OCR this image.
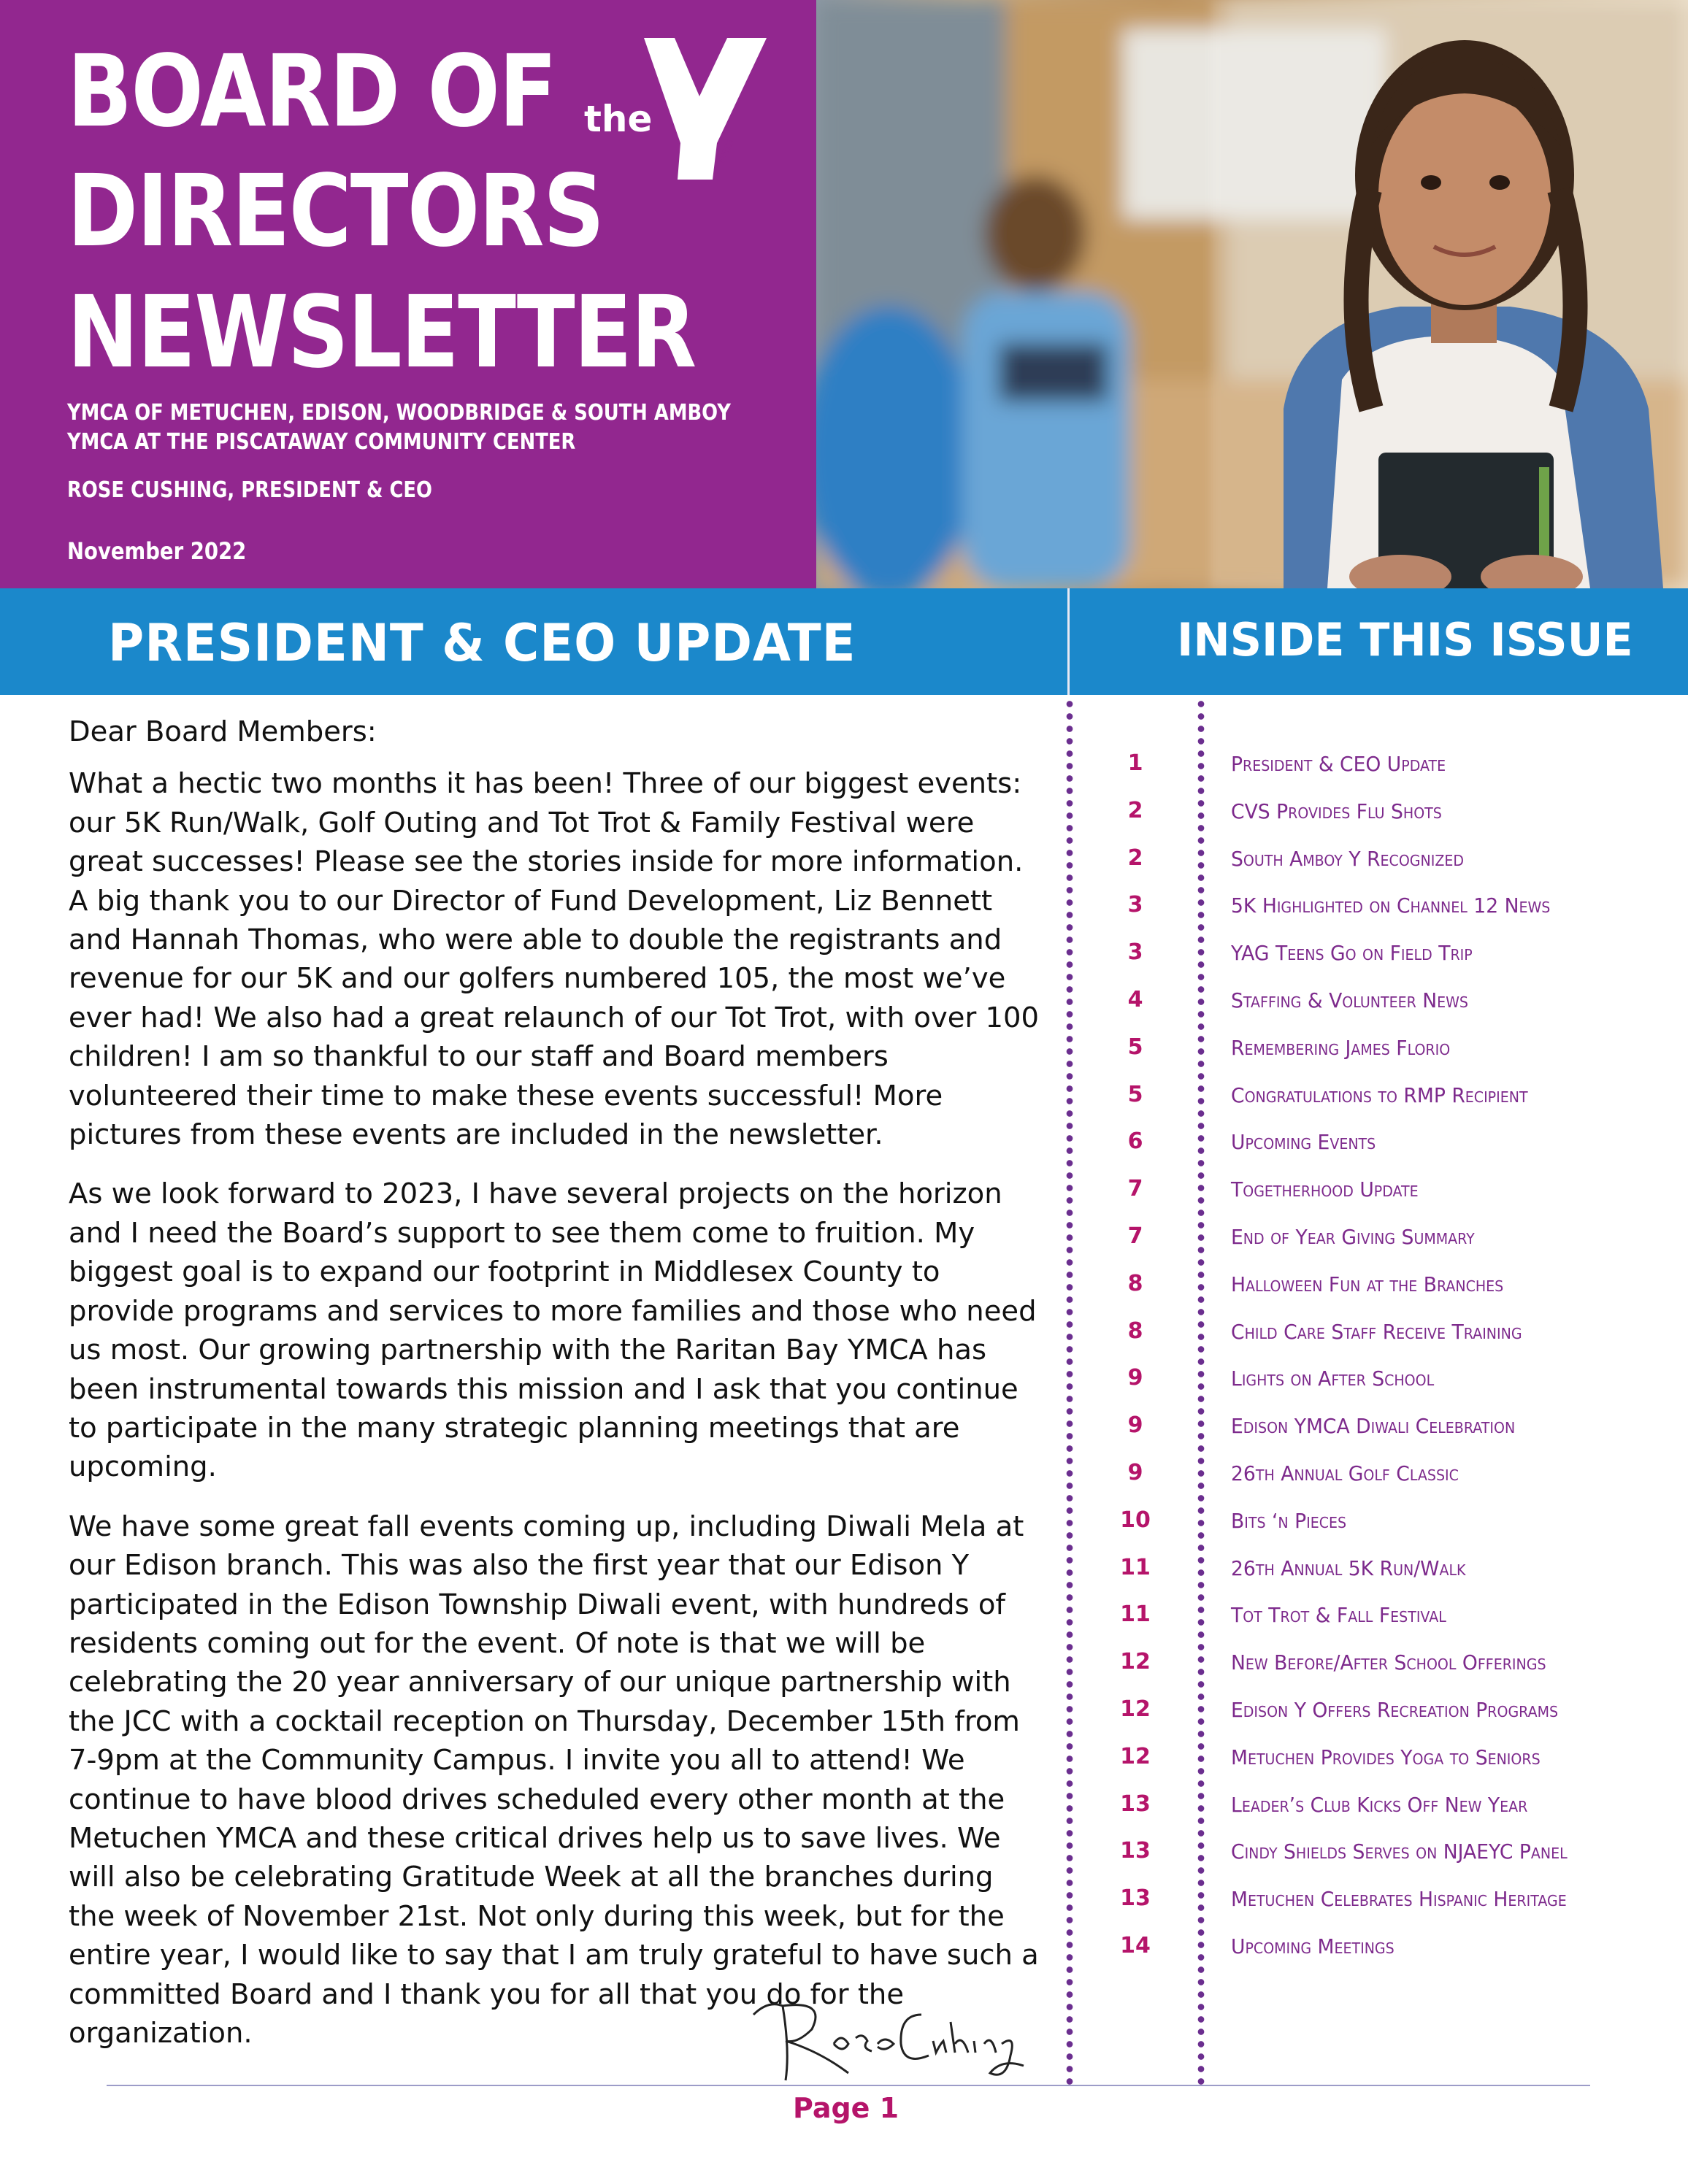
BOARD OF
DIRECTORS
NEWSLETTER
the
YMCA
YMCA OF METUCHEN, EDISON, WOODBRIDGE & SOUTH AMBOY
YMCA AT THE PISCATAWAY COMMUNITY CENTER
ROSE CUSHING, PRESIDENT & CEO
November 2022
PRESIDENT & CEO UPDATE	INSIDE THIS ISSUE

Dear Board Members:

What a hectic two months it has been! Three of our biggest events: our 5K Run/Walk, Golf Outing and Tot Trot & Family Festival were great successes! Please see the stories inside for more information. A big thank you to our Director of Fund Development, Liz Bennett and Hannah Thomas, who were able to double the registrants and revenue for our 5K and our golfers numbered 105, the most we’ve ever had! We also had a great relaunch of our Tot Trot, with over 100 children! I am so thankful to our staff and Board members volunteered their time to make these events successful! More pictures from these events are included in the newsletter.

As we look forward to 2023, I have several projects on the horizon and I need the Board’s support to see them come to fruition. My biggest goal is to expand our footprint in Middlesex County to provide programs and services to more families and those who need us most. Our growing partnership with the Raritan Bay YMCA has been instrumental towards this mission and I ask that you continue to participate in the many strategic planning meetings that are upcoming.

We have some great fall events coming up, including Diwali Mela at our Edison branch. This was also the first year that our Edison Y participated in the Edison Township Diwali event, with hundreds of residents coming out for the event. Of note is that we will be celebrating the 20 year anniversary of our unique partnership with the JCC with a cocktail reception on Thursday, December 15th from 7-9pm at the Community Campus. I invite you all to attend! We continue to have blood drives scheduled every other month at the Metuchen YMCA and these critical drives help us to save lives. We will also be celebrating Gratitude Week at all the branches during the week of November 21st. Not only during this week, but for the entire year, I would like to say that I am truly grateful to have such a committed Board and I thank you for all that you do for the organization.

1	President & CEO Update
2	CVS Provides Flu Shots
2	South Amboy Y Recognized
3	5K Highlighted on Channel 12 News
3	YAG Teens Go on Field Trip
4	Staffing & Volunteer News
5	Remembering James Florio
5	Congratulations to RMP Recipient
6	Upcoming Events
7	Togetherhood Update
7	End of Year Giving Summary
8	Halloween Fun at the Branches
8	Child Care Staff Receive Training
9	Lights on After School
9	Edison YMCA Diwali Celebration
9	26th Annual Golf Classic
10	Bits ‘n Pieces
11	26th Annual 5K Run/Walk
11	Tot Trot & Fall Festival
12	New Before/After School Offerings
12	Edison Y Offers Recreation Programs
12	Metuchen Provides Yoga to Seniors
13	Leader’s Club Kicks Off New Year
13	Cindy Shields Serves on NJAEYC Panel
13	Metuchen Celebrates Hispanic Heritage
14	Upcoming Meetings
Page 1
